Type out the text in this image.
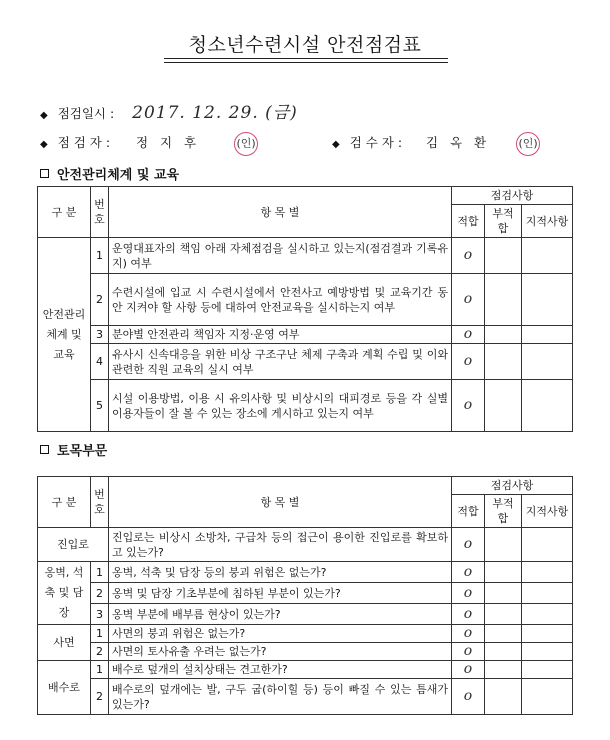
청소년수련시설 안전점검표
◆ 점검일시 : 2017. 12. 29. (금)
◆ 점 검 자 : 정   지   후	(인)	◆ 검 수 자 : 김   옥   환	(인)
안전관리체계 및 교육
구 분	번호	항 목 별	점검사항		
			적합	부적합	지적사항
안전관리 체계 및 교육	1	운영대표자의 책임 아래 자체점검을 실시하고 있는지(점검결과 기록유지) 여부	o		
	2	수련시설에 입교 시 수련시설에서 안전사고 예방방법 및 교육기간 동안 지켜야 할 사항 등에 대하여 안전교육을 실시하는지 여부	o		
	3	분야별 안전관리 책임자 지정·운영 여부	o		
	4	유사시 신속대응을 위한 비상 구조구난 체제 구축과 계획 수립 및 이와 관련한 직원 교육의 실시 여부	o		
	5	시설 이용방법, 이용 시 유의사항 및 비상시의 대피경로 등을 각 실별 이용자들이 잘 볼 수 있는 장소에 게시하고 있는지 여부	o		
토목부문
구 분	번호	항 목 별	점검사항		
			적합	부적합	지적사항
진입로		진입로는 비상시 소방차, 구급차 등의 접근이 용이한 진입로를 확보하고 있는가?	o		
옹벽, 석축 및 담장	1	옹벽, 석축 및 담장 등의 붕괴 위험은 없는가?	o		
	2	옹벽 및 담장 기초부분에 침하된 부분이 있는가?	o		
	3	옹벽 부분에 배부름 현상이 있는가?	o		
사면	1	사면의 붕괴 위험은 없는가?	o		
	2	사면의 토사유출 우려는 없는가?	o		
배수로	1	배수로 덮개의 설치상태는 견고한가?	o		
	2	배수로의 덮개에는 발, 구두 굽(하이힐 등) 등이 빠질 수 있는 틈새가 있는가?	o		
